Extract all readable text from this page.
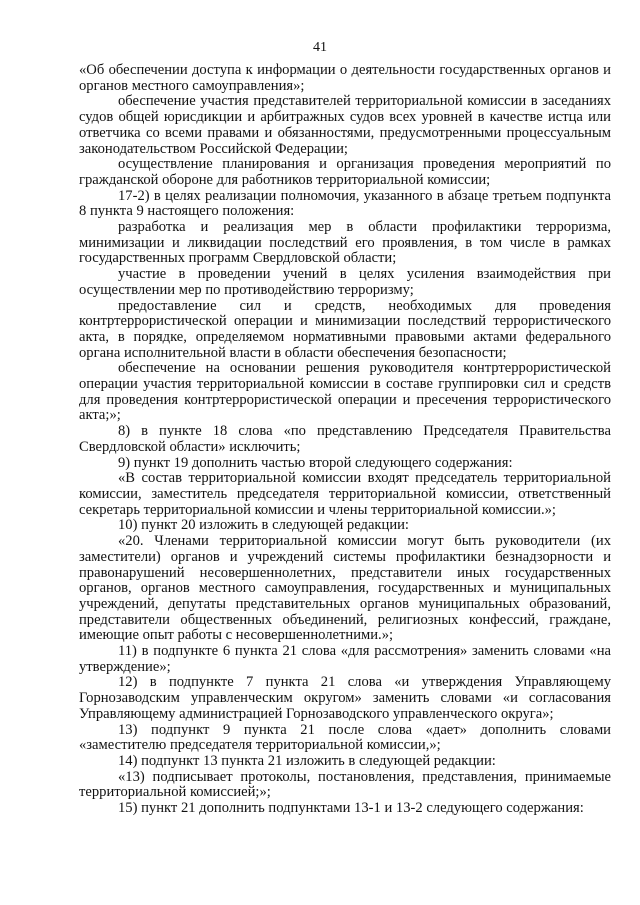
41

«Об обеспечении доступа к информации о деятельности государственных органов и органов местного самоуправления»;

обеспечение участия представителей территориальной комиссии в заседаниях судов общей юрисдикции и арбитражных судов всех уровней в качестве истца или ответчика со всеми правами и обязанностями, предусмотренными процессуальным законодательством Российской Федерации;

осуществление планирования и организация проведения мероприятий по гражданской обороне для работников территориальной комиссии;

17-2) в целях реализации полномочия, указанного в абзаце третьем подпункта 8 пункта 9 настоящего положения:

разработка и реализация мер в области профилактики терроризма, минимизации и ликвидации последствий его проявления, в том числе в рамках государственных программ Свердловской области;

участие в проведении учений в целях усиления взаимодействия при осуществлении мер по противодействию терроризму;

предоставление сил и средств, необходимых для проведения контртеррористической операции и минимизации последствий террористического акта, в порядке, определяемом нормативными правовыми актами федерального органа исполнительной власти в области обеспечения безопасности;

обеспечение на основании решения руководителя контртеррористической операции участия территориальной комиссии в составе группировки сил и средств для проведения контртеррористической операции и пресечения террористического акта;»;

8) в пункте 18 слова «по представлению Председателя Правительства Свердловской области» исключить;

9) пункт 19 дополнить частью второй следующего содержания:

«В состав территориальной комиссии входят председатель территориальной комиссии, заместитель председателя территориальной комиссии, ответственный секретарь территориальной комиссии и члены территориальной комиссии.»;

10) пункт 20 изложить в следующей редакции:

«20. Членами территориальной комиссии могут быть руководители (их заместители) органов и учреждений системы профилактики безнадзорности и правонарушений несовершеннолетних, представители иных государственных органов, органов местного самоуправления, государственных и муниципальных учреждений, депутаты представительных органов муниципальных образований, представители общественных объединений, религиозных конфессий, граждане, имеющие опыт работы с несовершеннолетними.»;

11) в подпункте 6 пункта 21 слова «для рассмотрения» заменить словами «на утверждение»;

12) в подпункте 7 пункта 21 слова «и утверждения Управляющему Горнозаводским управленческим округом» заменить словами «и согласования Управляющему администрацией Горнозаводского управленческого округа»;

13) подпункт 9 пункта 21 после слова «дает» дополнить словами «заместителю председателя территориальной комиссии,»;

14) подпункт 13 пункта 21 изложить в следующей редакции:

«13) подписывает протоколы, постановления, представления, принимаемые территориальной комиссией;»;

15) пункт 21 дополнить подпунктами 13-1 и 13-2 следующего содержания:
